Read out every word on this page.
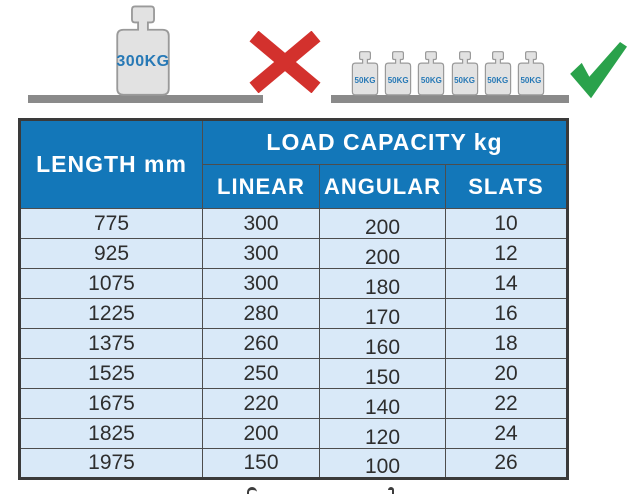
300KG
50KG	50KG	50KG	50KG	50KG	50KG
LENGTH mm	LOAD CAPACITY kg		
	LINEAR	ANGULAR	SLATS
775	300	200	10
925	300	200	12
1075	300	180	14
1225	280	170	16
1375	260	160	18
1525	250	150	20
1675	220	140	22
1825	200	120	24
1975	150	100	26
